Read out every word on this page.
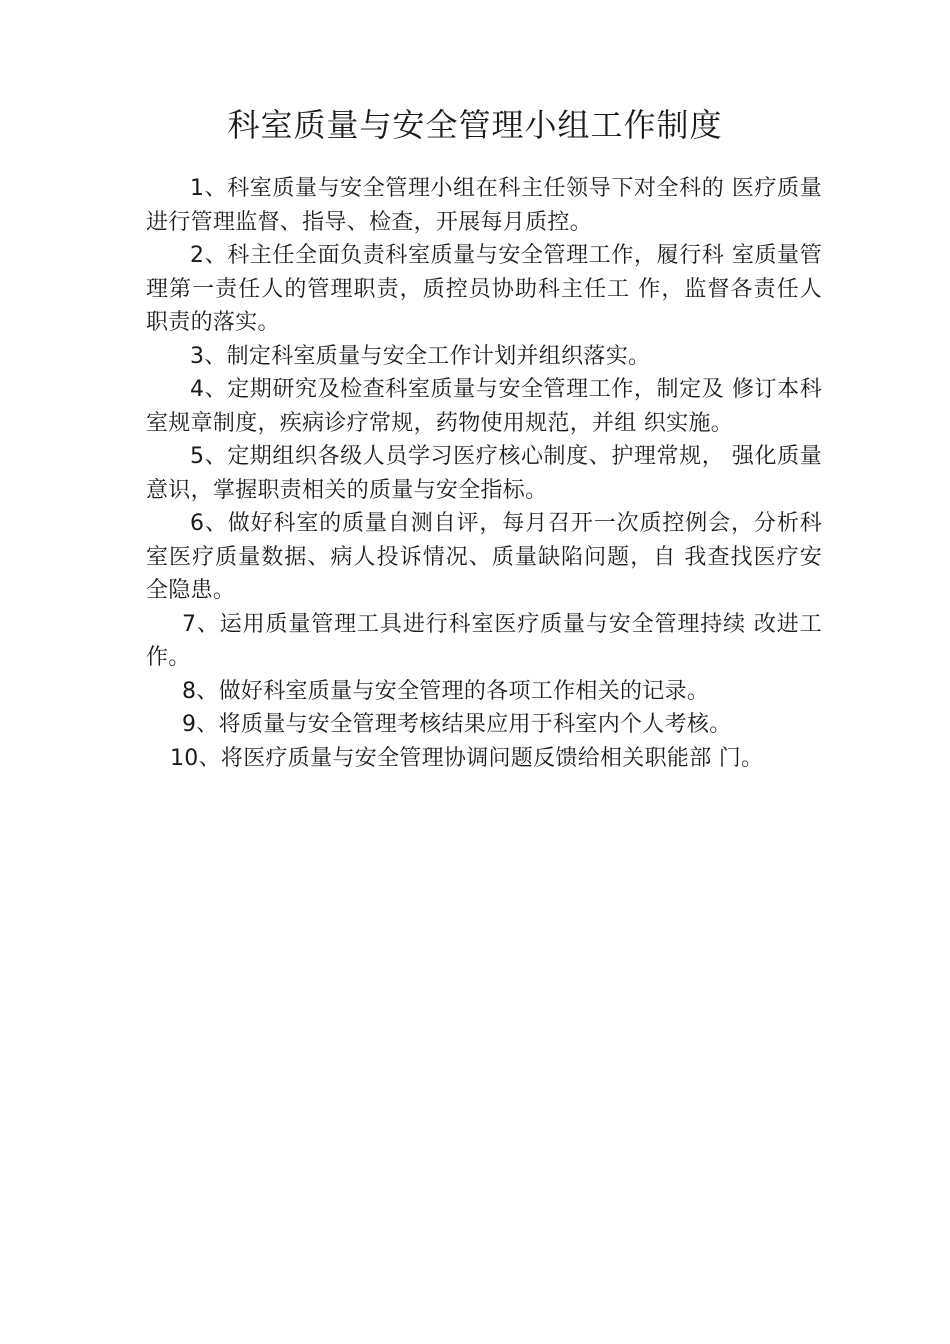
科室质量与安全管理小组工作制度

1、科室质量与安全管理小组在科主任领导下对全科的 医疗质量进行管理监督、指导、检查，开展每月质控。

2、科主任全面负责科室质量与安全管理工作，履行科 室质量管理第一责任人的管理职责，质控员协助科主任工 作，监督各责任人职责的落实。

3、制定科室质量与安全工作计划并组织落实。

4、定期研究及检查科室质量与安全管理工作，制定及 修订本科室规章制度，疾病诊疗常规，药物使用规范，并组 织实施。

5、定期组织各级人员学习医疗核心制度、护理常规， 强化质量意识，掌握职责相关的质量与安全指标。

6、做好科室的质量自测自评，每月召开一次质控例会，分析科室医疗质量数据、病人投诉情况、质量缺陷问题，自 我查找医疗安全隐患。

7、运用质量管理工具进行科室医疗质量与安全管理持续 改进工作。

8、做好科室质量与安全管理的各项工作相关的记录。

9、将质量与安全管理考核结果应用于科室内个人考核。

10、将医疗质量与安全管理协调问题反馈给相关职能部 门。
